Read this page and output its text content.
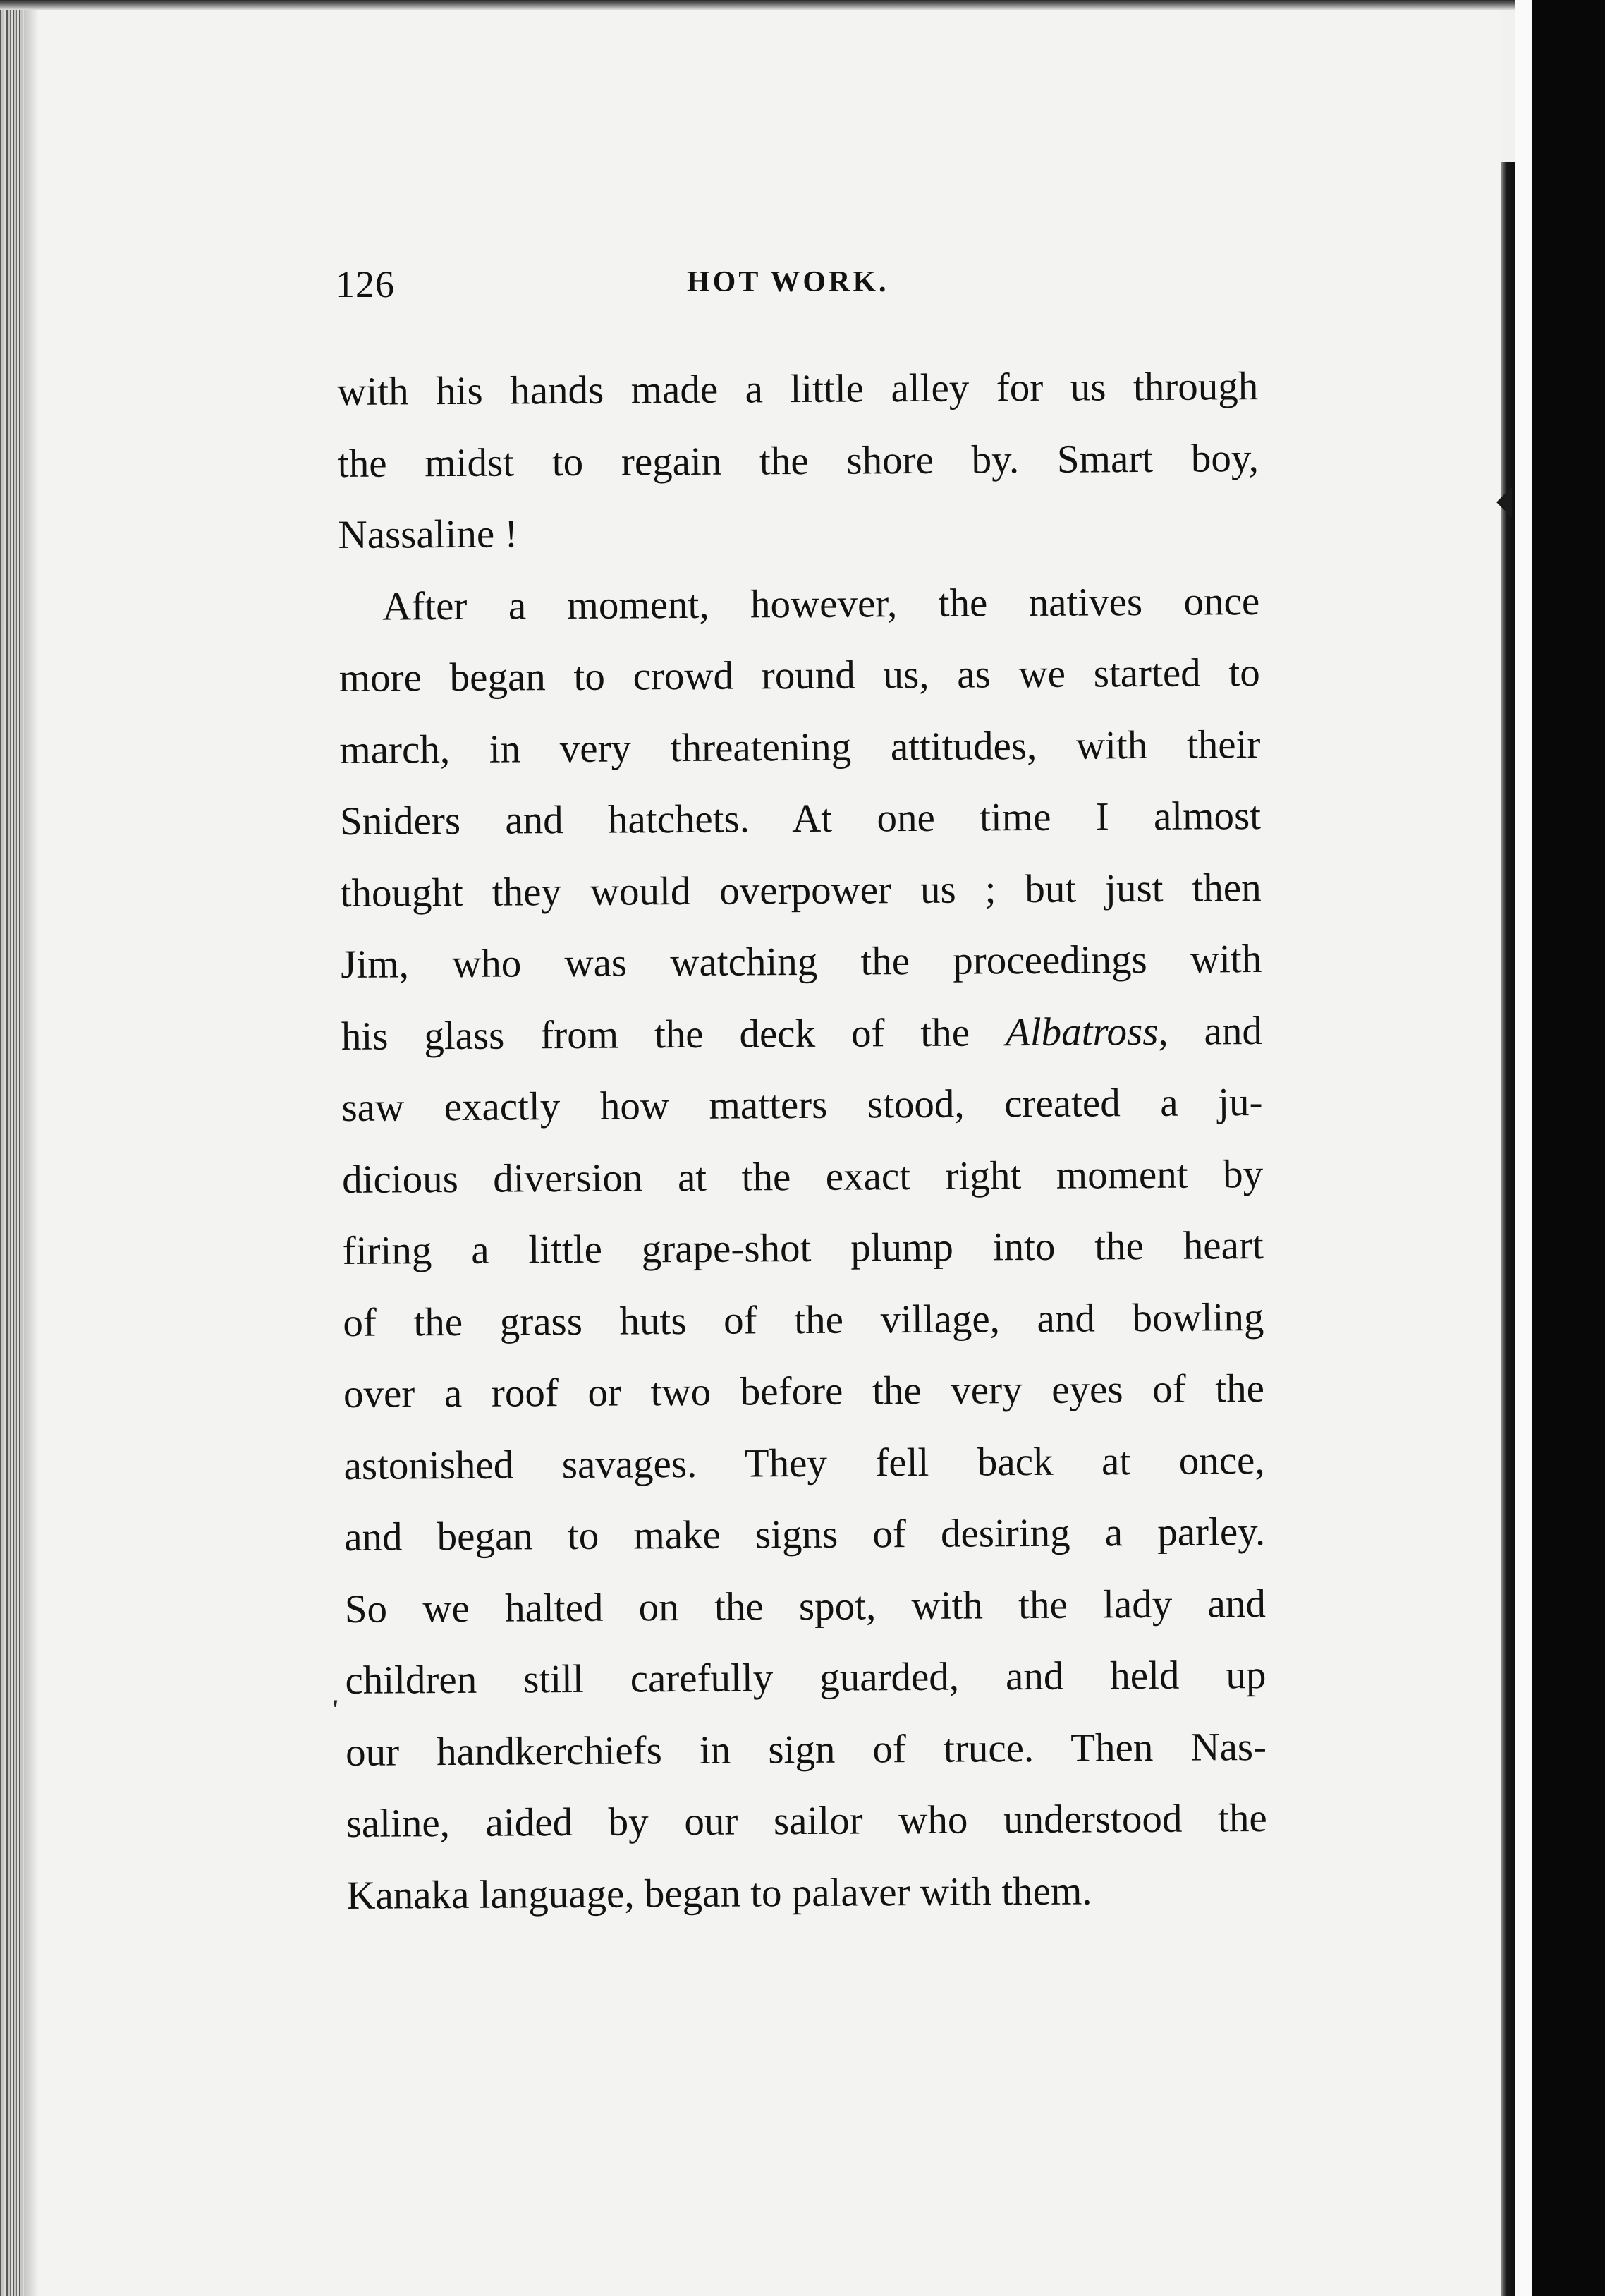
'
126	HOT WORK.
with his hands made a little alley for us through
the midst to regain the shore by. Smart boy,
Nassaline !
After a moment, however, the natives once
more began to crowd round us, as we started to
march, in very threatening attitudes, with their
Sniders and hatchets. At one time I almost
thought they would overpower us ; but just then
Jim, who was watching the proceedings with
his glass from the deck of the Albatross, and
saw exactly how matters stood, created a ju-
dicious diversion at the exact right moment by
firing a little grape-shot plump into the heart
of the grass huts of the village, and bowling
over a roof or two before the very eyes of the
astonished savages. They fell back at once,
and began to make signs of desiring a parley.
So we halted on the spot, with the lady and
children still carefully guarded, and held up
our handkerchiefs in sign of truce. Then Nas-
saline, aided by our sailor who understood the
Kanaka language, began to palaver with them.
